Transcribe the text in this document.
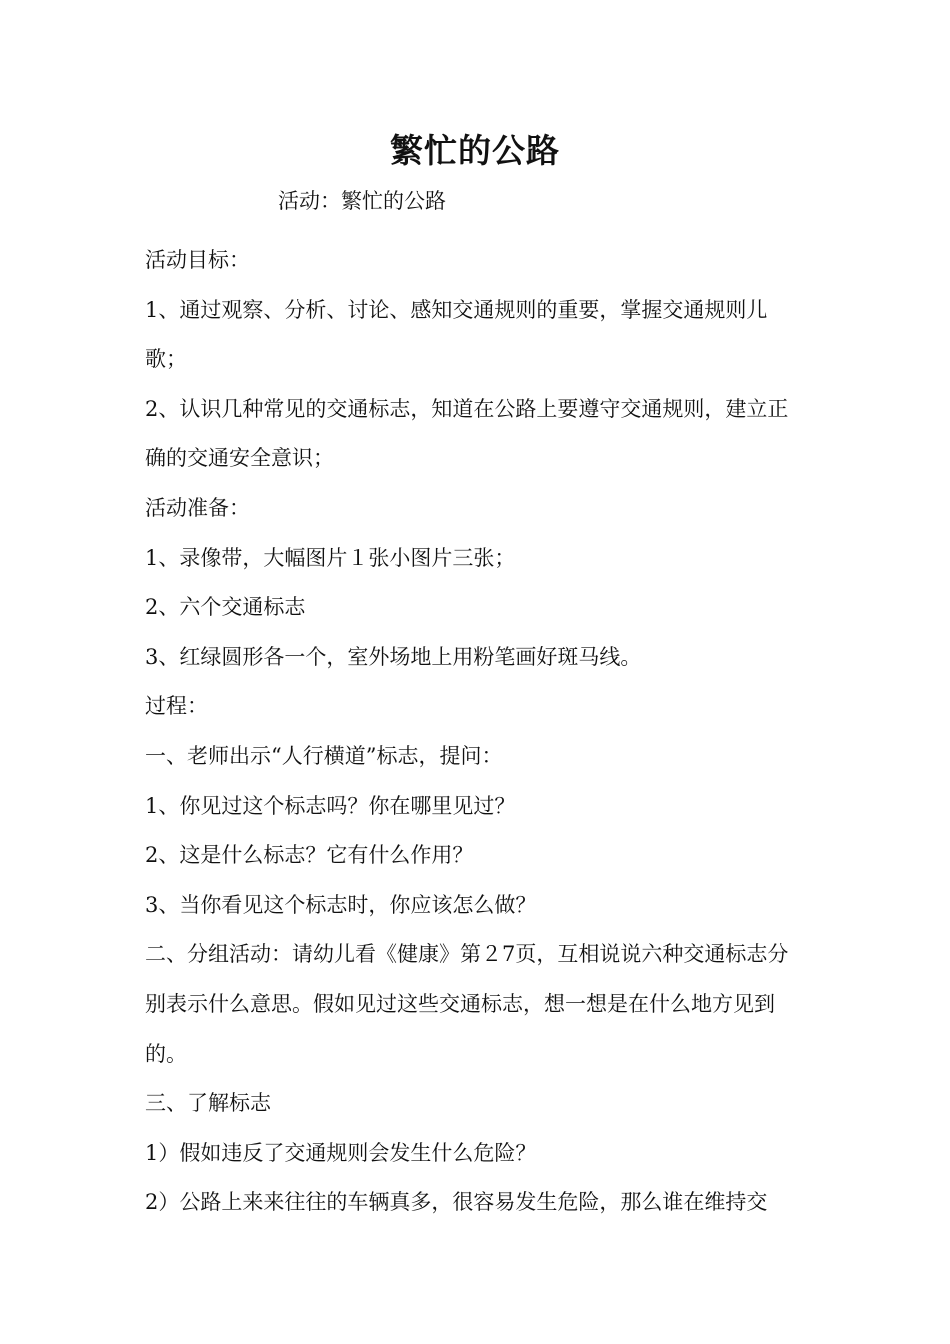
繁忙的公路
活动：繁忙的公路

活动目标：

1、通过观察、分析、讨论、感知交通规则的重要，掌握交通规则儿歌；

2、认识几种常见的交通标志，知道在公路上要遵守交通规则，建立正确的交通安全意识；

活动准备：

1、录像带，大幅图片１张小图片三张；

2、六个交通标志

3、红绿圆形各一个，室外场地上用粉笔画好斑马线。

过程：

一、老师出示“人行横道”标志，提问：

1、你见过这个标志吗？你在哪里见过？

2、这是什么标志？它有什么作用？

3、当你看见这个标志时，你应该怎么做？

二、分组活动：请幼儿看《健康》第２7页，互相说说六种交通标志分别表示什么意思。假如见过这些交通标志，想一想是在什么地方见到的。

三、了解标志

1）假如违反了交通规则会发生什么危险？

2）公路上来来往往的车辆真多，很容易发生危险，那么谁在维持交
